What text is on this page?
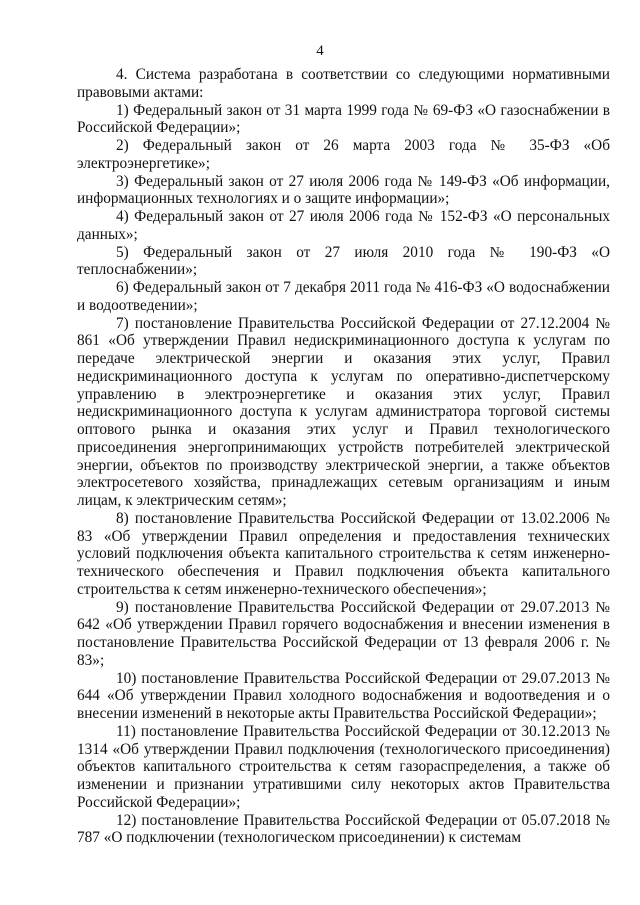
4

4. Система разработана в соответствии со следующими нормативными правовыми актами:

1) Федеральный закон от 31 марта 1999 года № 69-ФЗ «О газоснабжении в Российской Федерации»;

2) Федеральный закон от 26 марта 2003 года № 35-ФЗ «Об электроэнергетике»;

3) Федеральный закон от 27 июля 2006 года № 149-ФЗ «Об информации, информационных технологиях и о защите информации»;

4) Федеральный закон от 27 июля 2006 года № 152-ФЗ «О персональных данных»;

5) Федеральный закон от 27 июля 2010 года № 190-ФЗ «О теплоснабжении»;

6) Федеральный закон от 7 декабря 2011 года № 416-ФЗ «О водоснабжении и водоотведении»;

7) постановление Правительства Российской Федерации от 27.12.2004 № 861 «Об утверждении Правил недискриминационного доступа к услугам по передаче электрической энергии и оказания этих услуг, Правил недискриминационного доступа к услугам по оперативно-диспетчерскому управлению в электроэнергетике и оказания этих услуг, Правил недискриминационного доступа к услугам администратора торговой системы оптового рынка и оказания этих услуг и Правил технологического присоединения энергопринимающих устройств потребителей электрической энергии, объектов по производству электрической энергии, а также объектов электросетевого хозяйства, принадлежащих сетевым организациям и иным лицам, к электрическим сетям»;

8) постановление Правительства Российской Федерации от 13.02.2006 № 83 «Об утверждении Правил определения и предоставления технических условий подключения объекта капитального строительства к сетям инженерно-технического обеспечения и Правил подключения объекта капитального строительства к сетям инженерно-технического обеспечения»;

9) постановление Правительства Российской Федерации от 29.07.2013 № 642 «Об утверждении Правил горячего водоснабжения и внесении изменения в постановление Правительства Российской Федерации от 13 февраля 2006 г. № 83»;

10) постановление Правительства Российской Федерации от 29.07.2013 № 644 «Об утверждении Правил холодного водоснабжения и водоотведения и о внесении изменений в некоторые акты Правительства Российской Федерации»;

11) постановление Правительства Российской Федерации от 30.12.2013 № 1314 «Об утверждении Правил подключения (технологического присоединения) объектов капитального строительства к сетям газораспределения, а также об изменении и признании утратившими силу некоторых актов Правительства Российской Федерации»;

12) постановление Правительства Российской Федерации от 05.07.2018 № 787 «О подключении (технологическом присоединении) к системам
